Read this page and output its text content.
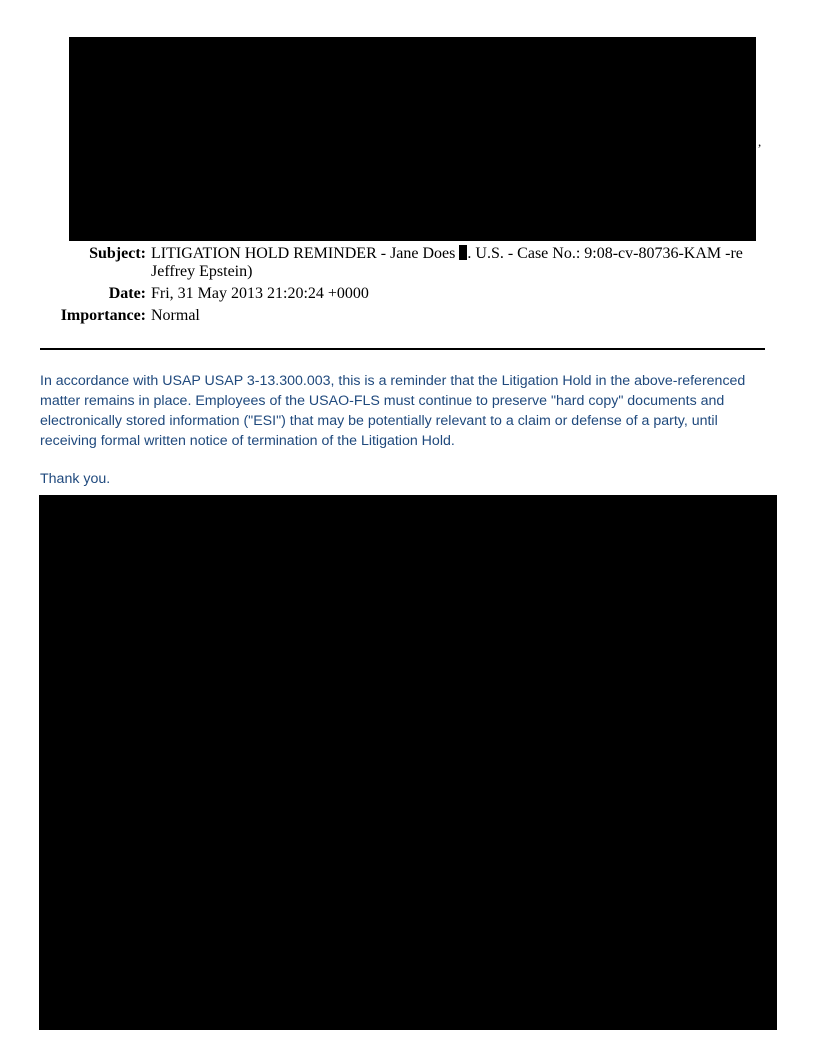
,
Subject: LITIGATION HOLD REMINDER - Jane Does . U.S. - Case No.: 9:08-cv-80736-KAM -re
Jeffrey Epstein)
Date: Fri, 31 May 2013 21:20:24 +0000
Importance: Normal

In accordance with USAP USAP 3-13.300.003, this is a reminder that the Litigation Hold in the above-referenced matter remains in place. Employees of the USAO-FLS must continue to preserve "hard copy" documents and electronically stored information ("ESI") that may be potentially relevant to a claim or defense of a party, until receiving formal written notice of termination of the Litigation Hold.

Thank you.
